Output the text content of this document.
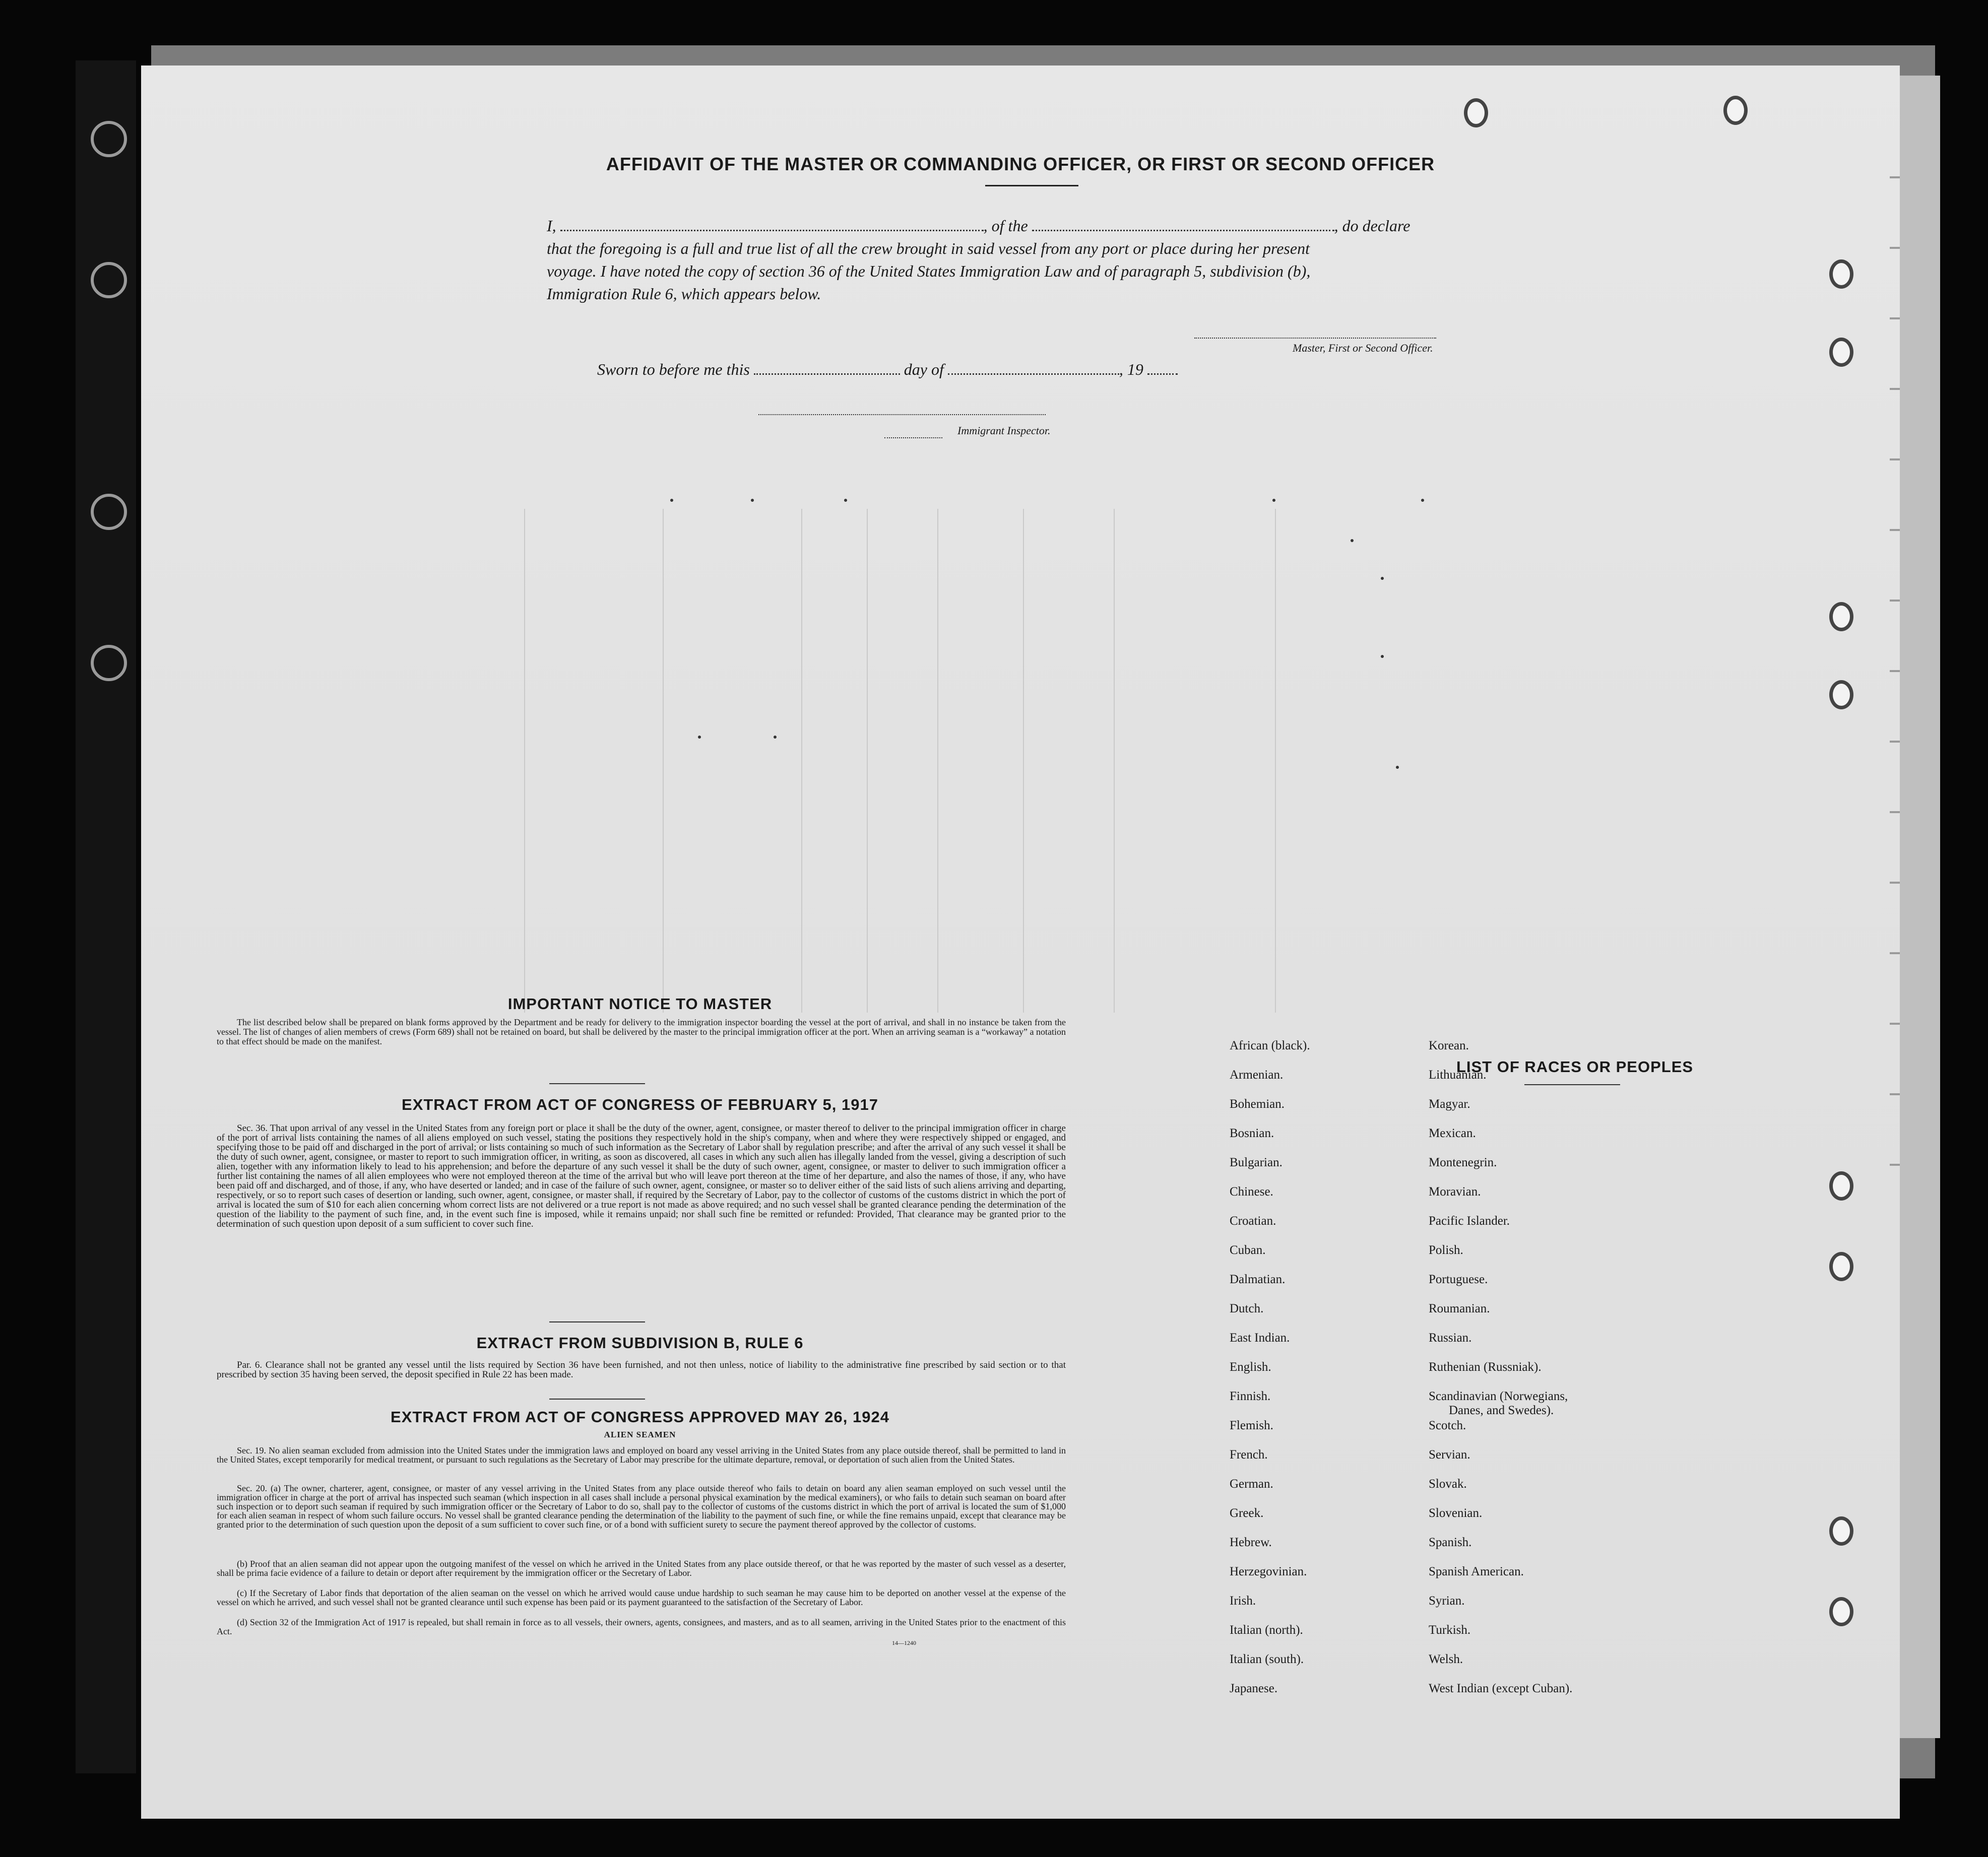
AFFIDAVIT OF THE MASTER OR COMMANDING OFFICER, OR FIRST OR SECOND OFFICER
I,	, of the	, do declare
that the foregoing is a full and true list of all the crew brought in said vessel from any port or place during her present
voyage. I have noted the copy of section 36 of the United States Immigration Law and of paragraph 5, subdivision (b),
Immigration Rule 6, which appears below.
Master, First or Second Officer.
Sworn to before me this	day of	, 19
Immigrant Inspector.
IMPORTANT NOTICE TO MASTER

The list described below shall be prepared on blank forms approved by the Department and be ready for delivery to the immigration inspector boarding the vessel at the port of arrival, and shall in no instance be taken from the vessel. The list of changes of alien members of crews (Form 689) shall not be retained on board, but shall be delivered by the master to the principal immigration officer at the port. When an arriving seaman is a “workaway” a notation to that effect should be made on the manifest.

EXTRACT FROM ACT OF CONGRESS OF FEBRUARY 5, 1917

Sec. 36. That upon arrival of any vessel in the United States from any foreign port or place it shall be the duty of the owner, agent, consignee, or master thereof to deliver to the principal immigration officer in charge of the port of arrival lists containing the names of all aliens employed on such vessel, stating the positions they respectively hold in the ship's company, when and where they were respectively shipped or engaged, and specifying those to be paid off and discharged in the port of arrival; or lists containing so much of such information as the Secretary of Labor shall by regulation prescribe; and after the arrival of any such vessel it shall be the duty of such owner, agent, consignee, or master to report to such immigration officer, in writing, as soon as discovered, all cases in which any such alien has illegally landed from the vessel, giving a description of such alien, together with any information likely to lead to his apprehension; and before the departure of any such vessel it shall be the duty of such owner, agent, consignee, or master to deliver to such immigration officer a further list containing the names of all alien employees who were not employed thereon at the time of the arrival but who will leave port thereon at the time of her departure, and also the names of those, if any, who have been paid off and discharged, and of those, if any, who have deserted or landed; and in case of the failure of such owner, agent, consignee, or master so to deliver either of the said lists of such aliens arriving and departing, respectively, or so to report such cases of desertion or landing, such owner, agent, consignee, or master shall, if required by the Secretary of Labor, pay to the collector of customs of the customs district in which the port of arrival is located the sum of $10 for each alien concerning whom correct lists are not delivered or a true report is not made as above required; and no such vessel shall be granted clearance pending the determination of the question of the liability to the payment of such fine, and, in the event such fine is imposed, while it remains unpaid; nor shall such fine be remitted or refunded: Provided, That clearance may be granted prior to the determination of such question upon deposit of a sum sufficient to cover such fine.

EXTRACT FROM SUBDIVISION B, RULE 6

Par. 6. Clearance shall not be granted any vessel until the lists required by Section 36 have been furnished, and not then unless, notice of liability to the administrative fine prescribed by said section or to that prescribed by section 35 having been served, the deposit specified in Rule 22 has been made.

EXTRACT FROM ACT OF CONGRESS APPROVED MAY 26, 1924
ALIEN SEAMEN

Sec. 19. No alien seaman excluded from admission into the United States under the immigration laws and employed on board any vessel arriving in the United States from any place outside thereof, shall be permitted to land in the United States, except temporarily for medical treatment, or pursuant to such regulations as the Secretary of Labor may prescribe for the ultimate departure, removal, or deportation of such alien from the United States.

Sec. 20. (a) The owner, charterer, agent, consignee, or master of any vessel arriving in the United States from any place outside thereof who fails to detain on board any alien seaman employed on such vessel until the immigration officer in charge at the port of arrival has inspected such seaman (which inspection in all cases shall include a personal physical examination by the medical examiners), or who fails to detain such seaman on board after such inspection or to deport such seaman if required by such immigration officer or the Secretary of Labor to do so, shall pay to the collector of customs of the customs district in which the port of arrival is located the sum of $1,000 for each alien seaman in respect of whom such failure occurs. No vessel shall be granted clearance pending the determination of the liability to the payment of such fine, or while the fine remains unpaid, except that clearance may be granted prior to the determination of such question upon the deposit of a sum sufficient to cover such fine, or of a bond with sufficient surety to secure the payment thereof approved by the collector of customs.

(b) Proof that an alien seaman did not appear upon the outgoing manifest of the vessel on which he arrived in the United States from any place outside thereof, or that he was reported by the master of such vessel as a deserter, shall be prima facie evidence of a failure to detain or deport after requirement by the immigration officer or the Secretary of Labor.

(c) If the Secretary of Labor finds that deportation of the alien seaman on the vessel on which he arrived would cause undue hardship to such seaman he may cause him to be deported on another vessel at the expense of the vessel on which he arrived, and such vessel shall not be granted clearance until such expense has been paid or its payment guaranteed to the satisfaction of the Secretary of Labor.

(d) Section 32 of the Immigration Act of 1917 is repealed, but shall remain in force as to all vessels, their owners, agents, consignees, and masters, and as to all seamen, arriving in the United States prior to the enactment of this Act.

14—1240
LIST OF RACES OR PEOPLES
African (black).
Armenian.
Bohemian.
Bosnian.
Bulgarian.
Chinese.
Croatian.
Cuban.
Dalmatian.
Dutch.
East Indian.
English.
Finnish.
Flemish.
French.
German.
Greek.
Hebrew.
Herzegovinian.
Irish.
Italian (north).
Italian (south).
Japanese.
Korean.
Lithuanian.
Magyar.
Mexican.
Montenegrin.
Moravian.
Pacific Islander.
Polish.
Portuguese.
Roumanian.
Russian.
Ruthenian (Russniak).
Scandinavian (Norwegians,
Danes, and Swedes).
Scotch.
Servian.
Slovak.
Slovenian.
Spanish.
Spanish American.
Syrian.
Turkish.
Welsh.
West Indian (except Cuban).
